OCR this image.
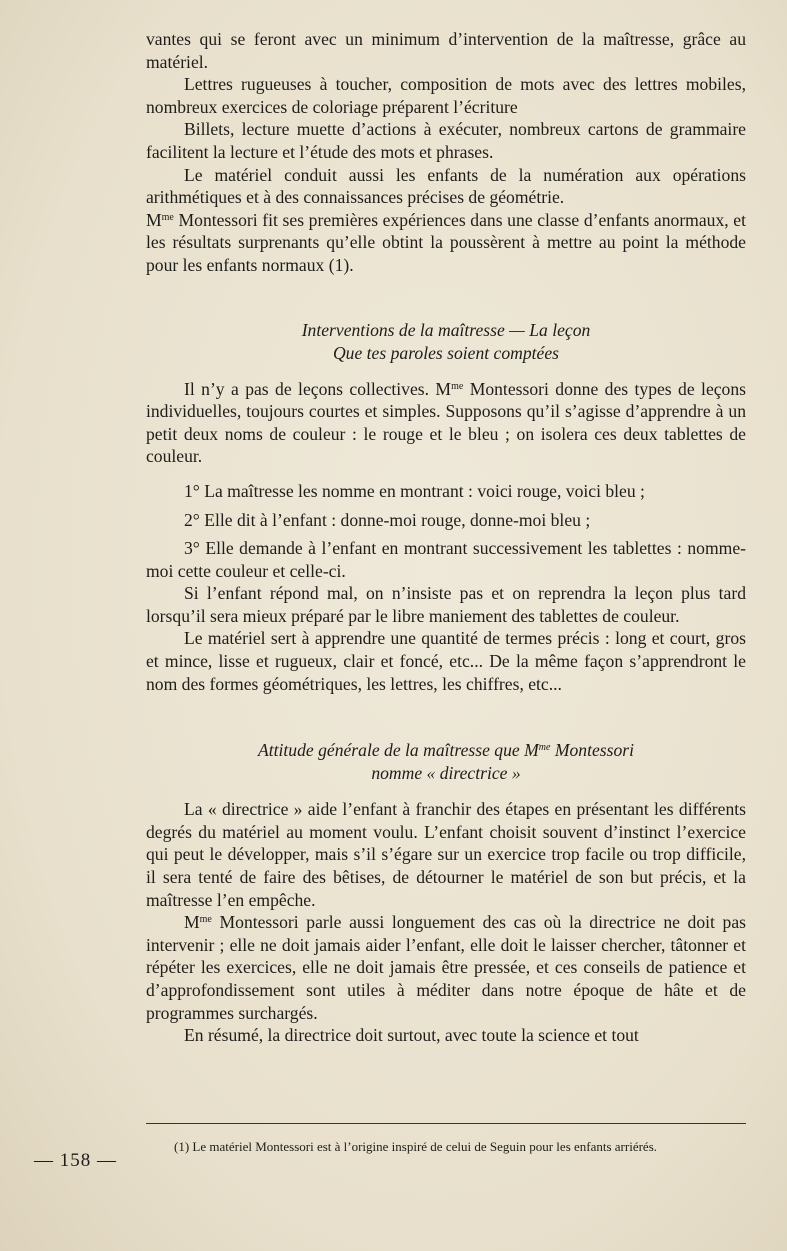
vantes qui se feront avec un minimum d’intervention de la maîtresse, grâce au matériel.

Lettres rugueuses à toucher, composition de mots avec des lettres mobiles, nombreux exercices de coloriage préparent l’écriture

Billets, lecture muette d’actions à exécuter, nombreux cartons de grammaire facilitent la lecture et l’étude des mots et phrases.

Le matériel conduit aussi les enfants de la numération aux opérations arithmétiques et à des connaissances précises de géométrie.

$M^{me}$ Montessori fit ses premières expériences dans une classe d’enfants anormaux, et les résultats surprenants qu’elle obtint la poussèrent à mettre au point la méthode pour les enfants normaux (1).

Interventions de la maîtresse — La leçon

Que tes paroles soient comptées

Il n’y a pas de leçons collectives. $M^{me}$ Montessori donne des types de leçons individuelles, toujours courtes et simples. Supposons qu’il s’agisse d’apprendre à un petit deux noms de couleur : le rouge et le bleu ; on isolera ces deux tablettes de couleur.

1° La maîtresse les nomme en montrant : voici rouge, voici bleu ;

2° Elle dit à l’enfant : donne-moi rouge, donne-moi bleu ;

3° Elle demande à l’enfant en montrant successivement les tablettes : nomme-moi cette couleur et celle-ci.

Si l’enfant répond mal, on n’insiste pas et on reprendra la leçon plus tard lorsqu’il sera mieux préparé par le libre maniement des tablettes de couleur.

Le matériel sert à apprendre une quantité de termes précis : long et court, gros et mince, lisse et rugueux, clair et foncé, etc... De la même façon s’apprendront le nom des formes géométriques, les lettres, les chiffres, etc...

Attitude générale de la maîtresse que $M^{me}$ Montessori

nomme « directrice »

La « directrice » aide l’enfant à franchir des étapes en présentant les différents degrés du matériel au moment voulu. L’enfant choisit souvent d’instinct l’exercice qui peut le développer, mais s’il s’égare sur un exercice trop facile ou trop difficile, il sera tenté de faire des bêtises, de détourner le matériel de son but précis, et la maîtresse l’en empêche.

$M^{me}$ Montessori parle aussi longuement des cas où la directrice ne doit pas intervenir ; elle ne doit jamais aider l’enfant, elle doit le laisser chercher, tâtonner et répéter les exercices, elle ne doit jamais être pressée, et ces conseils de patience et d’approfondissement sont utiles à méditer dans notre époque de hâte et de programmes surchargés.

En résumé, la directrice doit surtout, avec toute la science et tout

(1) Le matériel Montessori est à l’origine inspiré de celui de Seguin pour les enfants arriérés.

— 158 —
